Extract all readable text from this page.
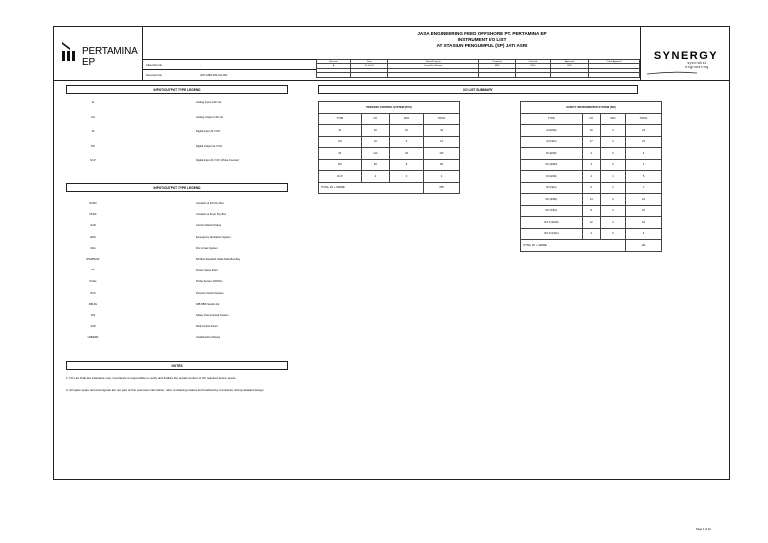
PERTAMINA EP
JASA ENGINEERING FEED OFFSHORE PT. PERTAMINA EP
INSTRUMENT I/O LIST
AT STASIUN PENGUMPUL (SP) JATI ASRI
Client Doc No	-
Document No	JATI-ASRI-INS-IOL-001
Revision	Date	Status/Purpose	Prepared	Checked	Approved	Client Approval
A	21-Jul-22	Issued For Review	RBS	WOS	HPS	

SYNERGY
specialist
engineering
INPUT/OUTPUT TYPE LEGEND
AI	Analog Input 4-20 mA
AO	Analog Output 4-20 mA
DI	Digital Input 24 V DC
DO	Digital Output 24 V DC
DI-P	Digital Input 24 V DC (Pulse Counter)
INPUT/OUTPUT TYPE LEGEND
DI/DO	Contacts of DO Dry Bus
DI/DS	Contacts of Dryer Dry Bus
HAR	Control Switch Pickup
ESD	Emergency Shutdown System
F&G	Fire & Gas System
RS485/232	RS Bus Standard Cable Data Bus Bay
***	Future Spare Point
Probe	Probe Sensor 120Ohm
PCS	Process Control System
DIB-RL	DIB RBS Serial Link
SIS	Safety Instrumented System
VSP	Well Control Panel
UNDEFR	Undefined for Relays
NOTES
1. I/O List Total are indicative only; Contractor is responsible to verify and finalize the actual number of I/O required and to spare.
2. All spare spare terminal signals are not part of this overview information; refer to drawing related and finalized by Contractor during detailed design.
I/O LIST SUMMARY
PROCESS CONTROL SYSTEM (PCS)			
TYPE	I/O	20%	TOTAL
AI	32	12	44
AO	10	4	14
DI	114	23	137
DO	48	8	56
DI-P	4	0	4
TOTAL I/O + SPARE			255
SAFETY INSTRUMENTED SYSTEM (SIS)			
TYPE	I/O	20%	TOTAL
AI (ESD)	20	4	24
AI (F&G)	17	4	21
DI (ESD)	4	0	4
DO (ESD)	4	0	4
DI (ESD)	4	1	5
DI (F&G)	6	1	7
DO (ESD)	13	3	16
DO (F&G)	8	2	10
DO-P (ESD)	12	4	16
DO-P (F&G)	4	0	4
TOTAL I/O + SPARE			111
Page 1 of 19
